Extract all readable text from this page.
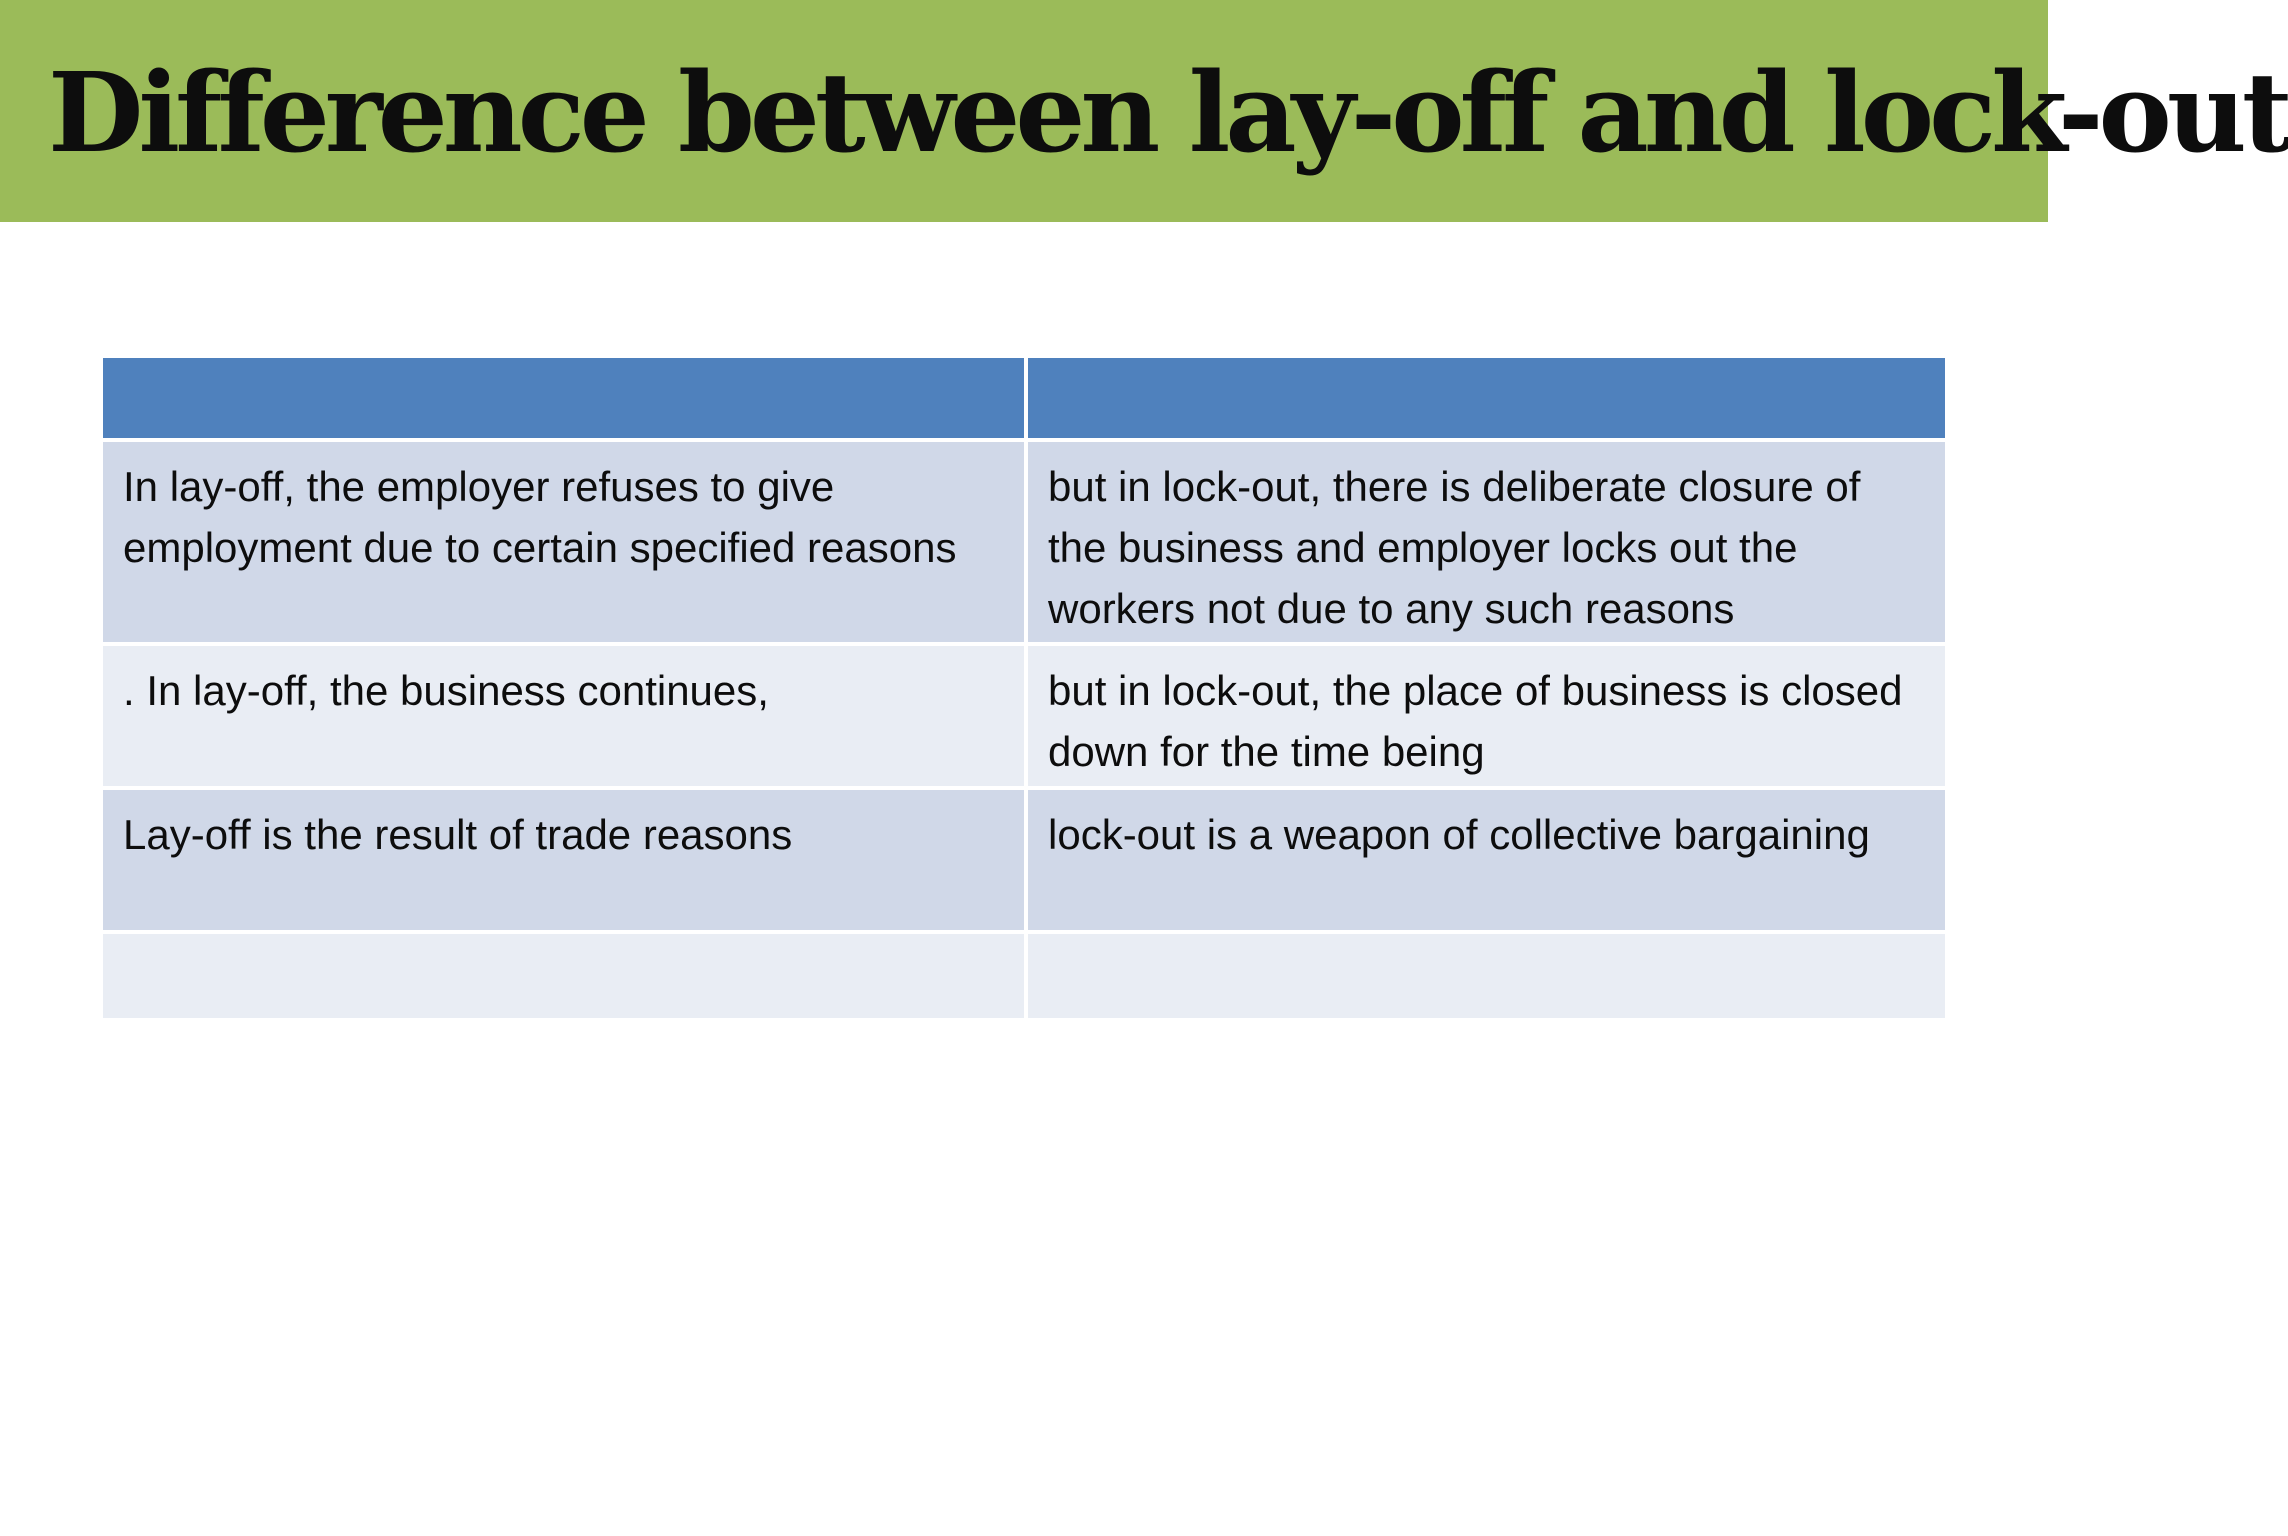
Difference between lay-off and lock-out

In lay-off, the employer refuses to give employment due to certain specified reasons	but in lock-out, there is deliberate closure of the business and employer locks out the workers not due to any such reasons
. In lay-off, the business continues,	but in lock-out, the place of business is closed down for the time being
Lay-off is the result of trade reasons	lock-out is a weapon of collective bargaining
